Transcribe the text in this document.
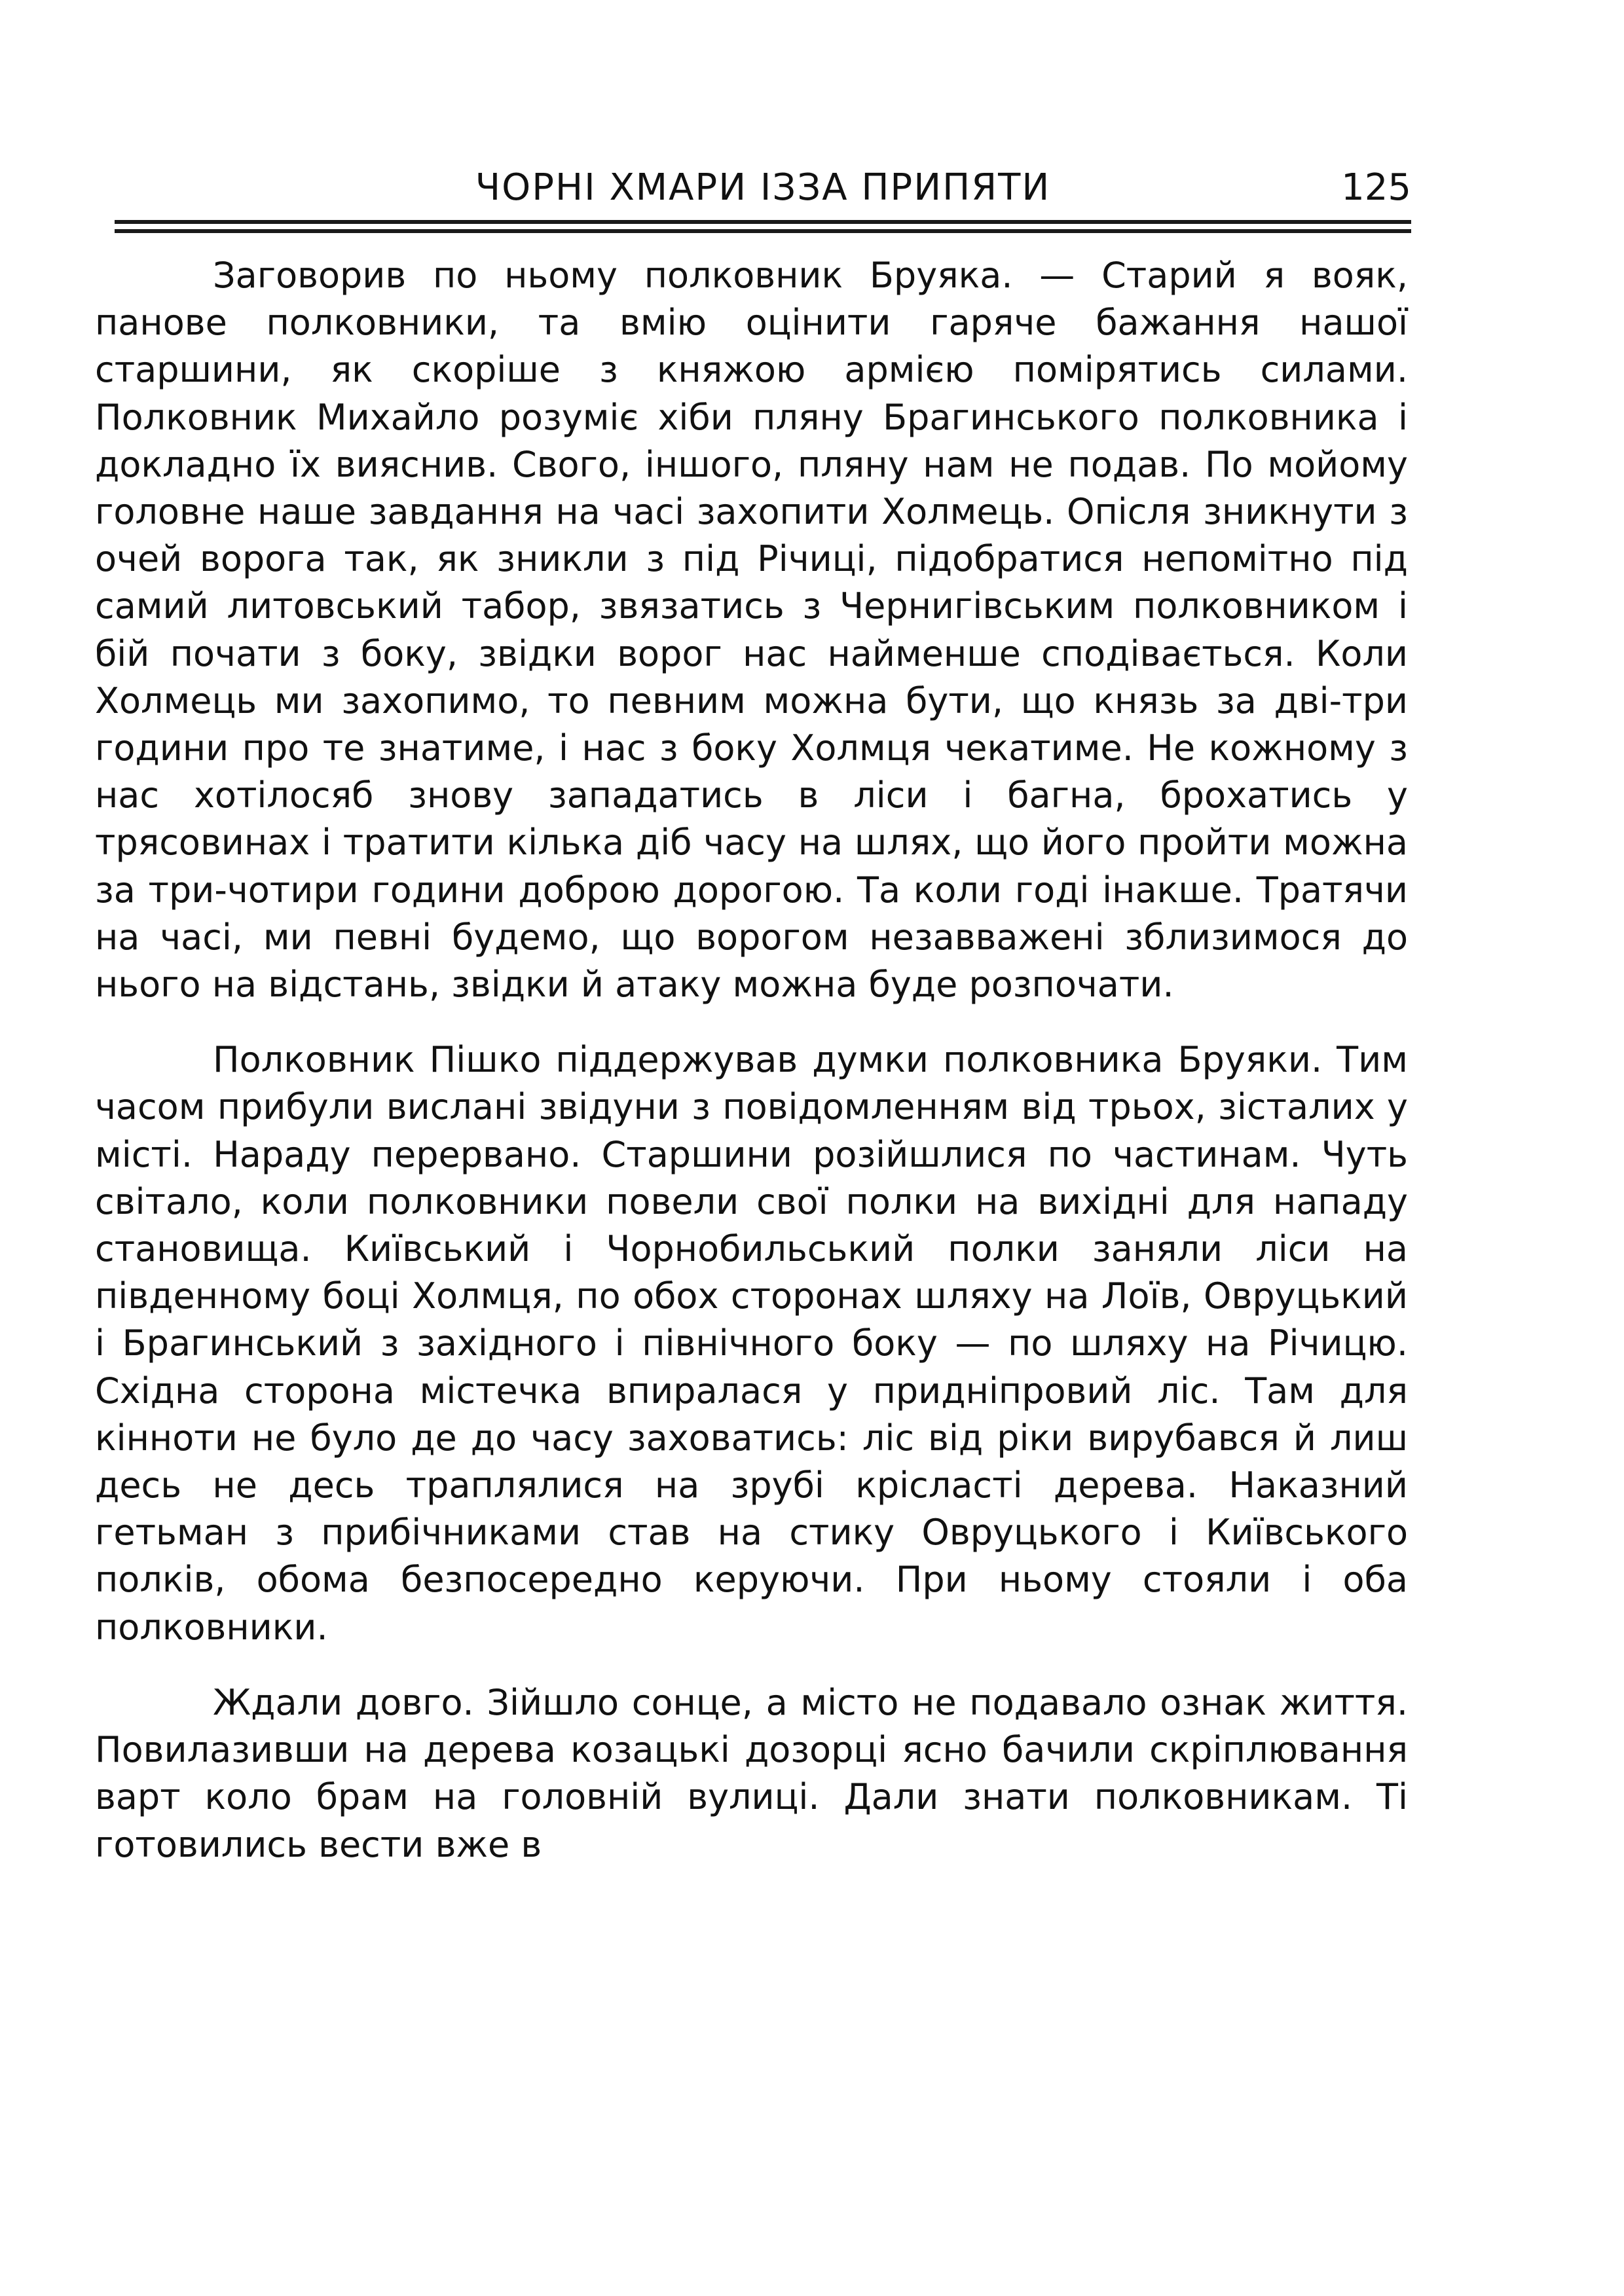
ЧОРНІ ХМАРИ ІЗЗА ПРИПЯТИ	125

Заговорив по ньому полковник Бруяка. — Старий я вояк, панове полковники, та вмію оцінити гаряче бажання нашої старшини, як скоріше з княжою армією помірятись силами. Полковник Михайло розуміє хіби пляну Брагинського полковника і докладно їх вияснив. Свого, іншого, пляну нам не подав. По мойому головне наше завдання на часі захопити Холмець. Опісля зникнути з очей ворога так, як зникли з під Річиці, підобратися непомітно під самий литовський табор, звязатись з Чернигівським полковником і бій почати з боку, звідки ворог нас найменше сподівається. Коли Холмець ми захопимо, то певним можна бути, що князь за дві-три години про те знатиме, і нас з боку Холмця чекатиме. Не кожному з нас хотілосяб знову западатись в ліси і багна, брохатись у трясовинах і тратити кілька діб часу на шлях, що його пройти можна за три-чотири години доброю дорогою. Та коли годі інакше. Тратячи на часі, ми певні будемо, що ворогом незавважені зблизимося до нього на відстань, звідки й атаку можна буде розпочати.

Полковник Пішко піддержував думки полковника Бруяки. Тим часом прибули вислані звідуни з повідомленням від трьох, зісталих у місті. Нараду перервано. Старшини розійшлися по частинам. Чуть світало, коли полковники повели свої полки на вихідні для нападу становища. Київський і Чорнобильський полки заняли ліси на південному боці Холмця, по обох сторонах шляху на Лоїв, Овруцький і Брагинський з західного і північного боку — по шляху на Річицю. Східна сторона містечка впиралася у придніпровий ліс. Там для кінноти не було де до часу заховатись: ліс від ріки вирубався й лиш десь не десь траплялися на зрубі крісласті дерева. Наказний гетьман з прибічниками став на стику Овруцького і Київського полків, обома безпосередно керуючи. При ньому стояли і оба полковники.

Ждали довго. Зійшло сонце, а місто не подавало ознак життя. Повилазивши на дерева козацькі дозорці ясно бачили скріплювання варт коло брам на головній вулиці. Дали знати полковникам. Ті готовились вести вже в
